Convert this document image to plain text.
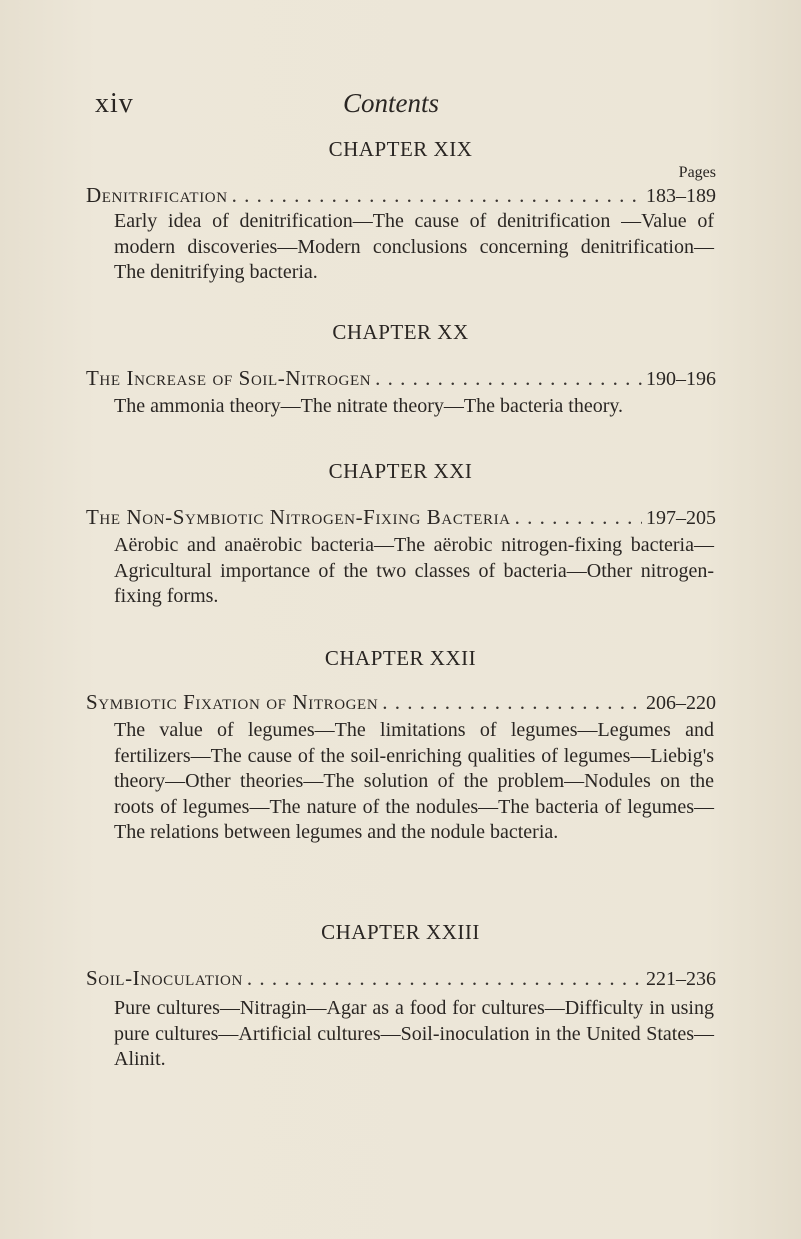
xiv	Contents
CHAPTER XIX
Pages
Denitrification . . .	183–189
Early idea of denitrification—The cause of denitrification —Value of modern discoveries—Modern conclusions concerning denitrification—The denitrifying bacteria.
CHAPTER XX
The Increase of Soil-Nitrogen . . .	190–196
The ammonia theory—The nitrate theory—The bacteria theory.
CHAPTER XXI
The Non-Symbiotic Nitrogen-Fixing Bacteria . . .	197–205
Aërobic and anaërobic bacteria—The aërobic nitrogen-fixing bacteria—Agricultural importance of the two classes of bacteria—Other nitrogen-fixing forms.
CHAPTER XXII
Symbiotic Fixation of Nitrogen . . .	206–220
The value of legumes—The limitations of legumes—Legumes and fertilizers—The cause of the soil-enriching qualities of legumes—Liebig's theory—Other theories—The solution of the problem—Nodules on the roots of legumes—The nature of the nodules—The bacteria of legumes—The relations between legumes and the nodule bacteria.
CHAPTER XXIII
Soil-Inoculation . . .	221–236
Pure cultures—Nitragin—Agar as a food for cultures—Difficulty in using pure cultures—Artificial cultures—Soil-inoculation in the United States—Alinit.
